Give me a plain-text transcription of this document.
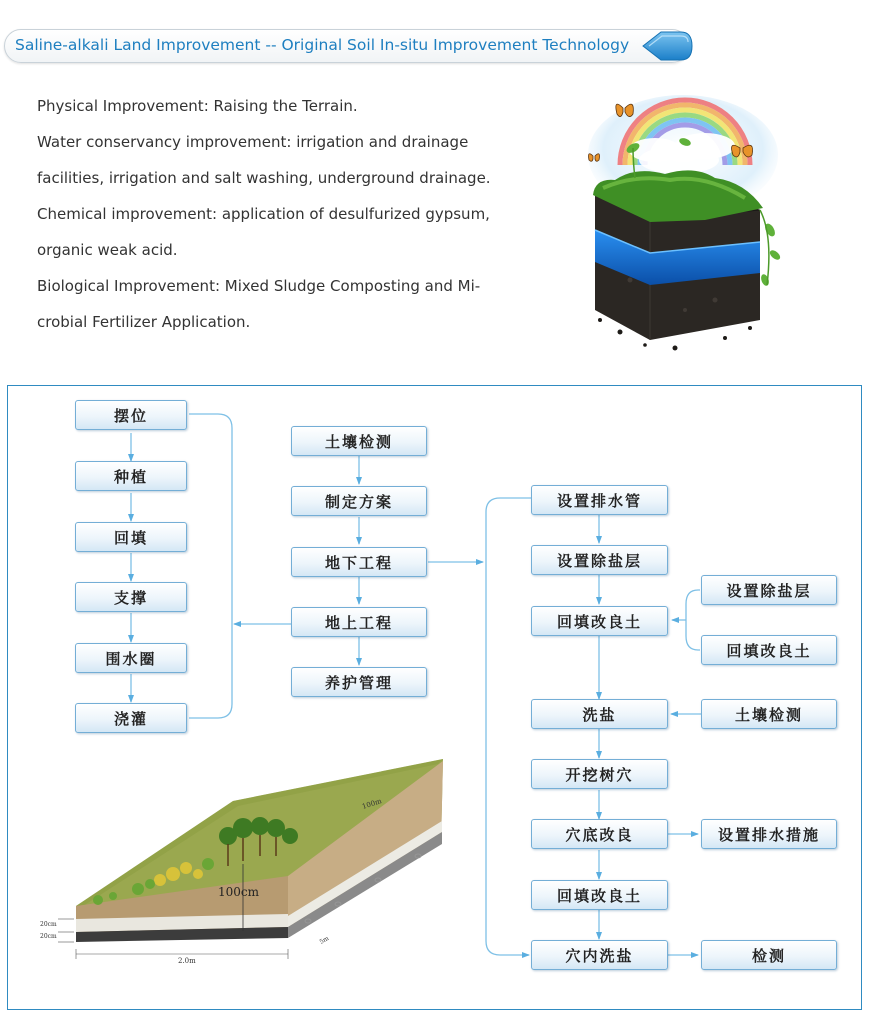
Saline-alkali Land Improvement -- Original Soil In-situ Improvement Technology

Physical Improvement: Raising the Terrain.

Water conservancy improvement: irrigation and drainage

facilities, irrigation and salt washing, underground drainage.

Chemical improvement: application of desulfurized gypsum,

organic weak acid.

Biological Improvement: Mixed Sludge Composting and Mi-

crobial Fertilizer Application.

摆位
种植
回填
支撑
围水圈
浇灌
土壤检测
制定方案
地下工程
地上工程
养护管理
设置排水管
设置除盐层
回填改良土
洗盐
开挖树穴
穴底改良
回填改良土
穴内洗盐
设置除盐层
回填改良土
土壤检测
设置排水措施
检测
100cm
100m
2.0m
20cm
20cm	5m
